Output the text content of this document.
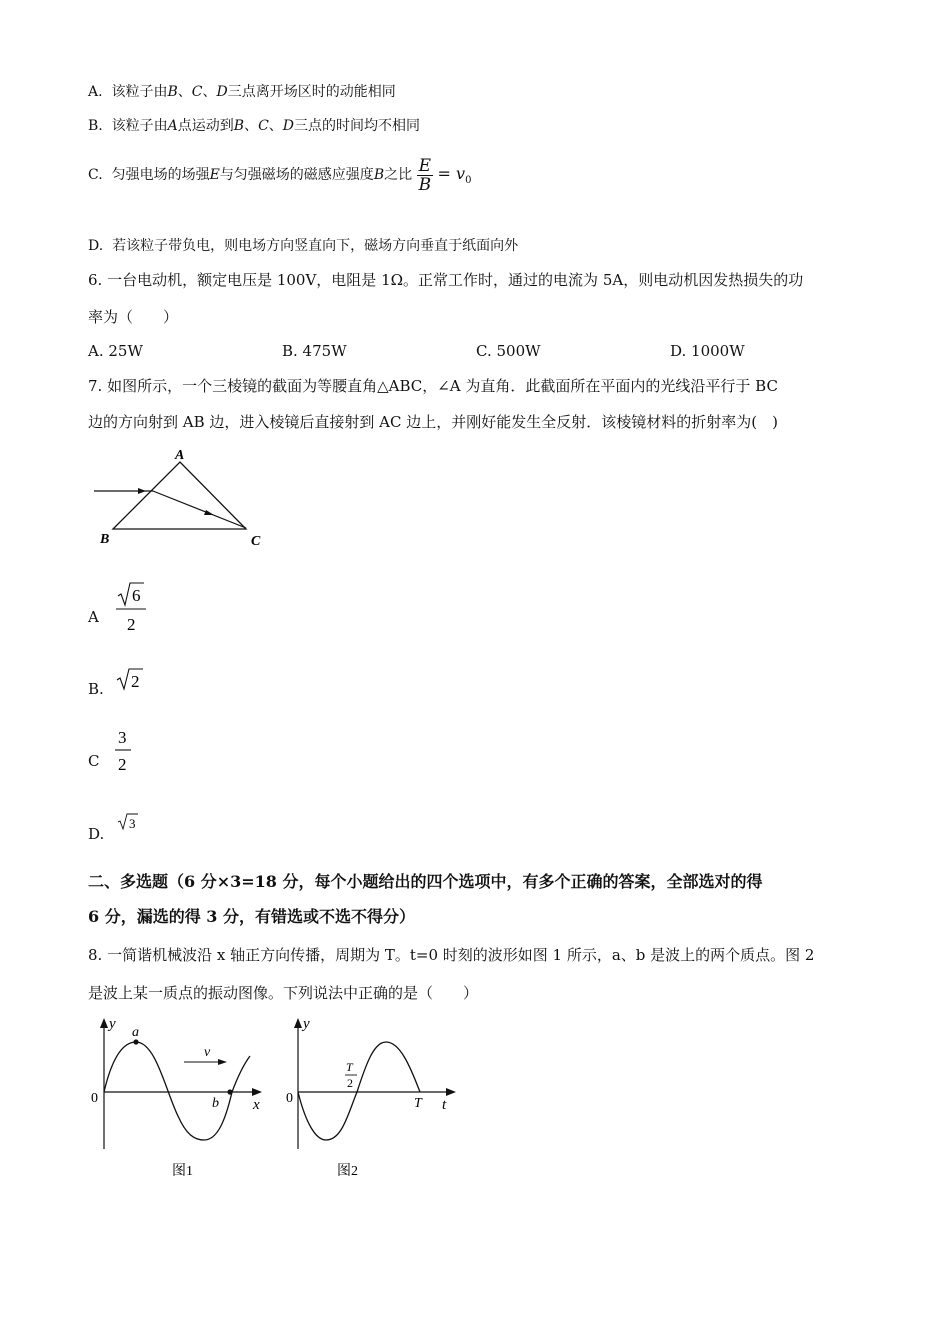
A. 该粒子由B、C、D三点离开场区时的动能相同
B. 该粒子由A点运动到B、C、D三点的时间均不相同
C. 匀强电场的场强E与匀强磁场的磁感应强度B之比 $\frac{E}{B} = v_0$
D. 若该粒子带负电，则电场方向竖直向下，磁场方向垂直于纸面向外
6. 一台电动机，额定电压是 100V，电阻是 1Ω。正常工作时，通过的电流为 5A，则电动机因发热损失的功
率为（　　）
A. 25W	B. 475W	C. 500W	D. 1000W
7. 如图所示，一个三棱镜的截面为等腰直角△ABC，∠A 为直角．此截面所在平面内的光线沿平行于 BC
边的方向射到 AB 边，进入棱镜后直接射到 AC 边上，并刚好能发生全反射．该棱镜材料的折射率为(　)
A
B	C
A
6
2
B. 2
C
3
2
D.
3
二、多选题（6 分×3=18 分，每个小题给出的四个选项中，有多个正确的答案，全部选对的得
6 分，漏选的得 3 分，有错选或不选不得分）
8. 一简谐机械波沿 x 轴正方向传播，周期为 T。t=0 时刻的波形如图 1 所示，a、b 是波上的两个质点。图 2
是波上某一质点的振动图像。下列说法中正确的是（　　）
y
x
0
a
b
v
图1
y
t
0
T
2
T
图2
